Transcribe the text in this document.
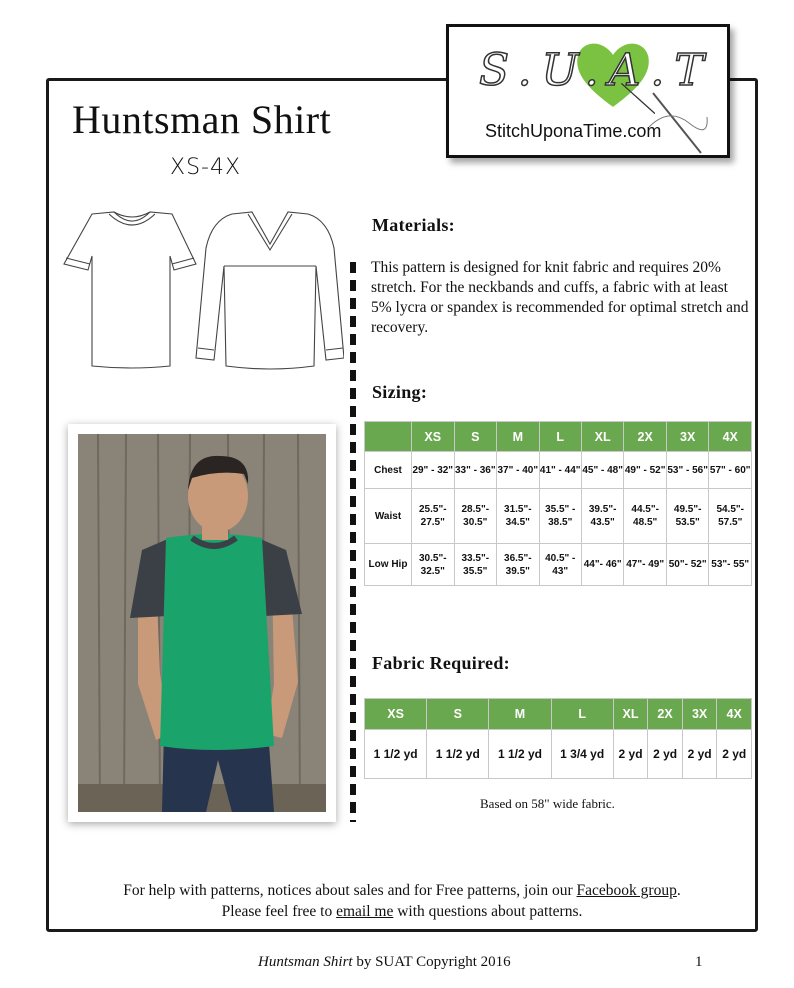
S.U.A.T
StitchUponaTime.com
Huntsman Shirt
XS-4X
Materials:
This pattern is designed for knit fabric and requires 20% stretch. For the neckbands and cuffs, a fabric with at least 5% lycra or spandex is recommended for optimal stretch and recovery.
Sizing:
	XS	S	M	L	XL	2X	3X	4X
Chest	29" - 32"	33" - 36"	37" - 40"	41" - 44"	45" - 48"	49" - 52"	53" - 56"	57" - 60"
Waist	25.5"- 27.5"	28.5"- 30.5"	31.5"- 34.5"	35.5" - 38.5"	39.5"- 43.5"	44.5"- 48.5"	49.5"- 53.5"	54.5"- 57.5"
Low Hip	30.5"- 32.5"	33.5"- 35.5"	36.5"- 39.5"	40.5" - 43"	44"- 46"	47"- 49"	50"- 52"	53"- 55"
Fabric Required:
XS	S	M	L	XL	2X	3X	4X
1 1/2 yd	1 1/2 yd	1 1/2 yd	1 3/4 yd	2 yd	2 yd	2 yd	2 yd
Based on 58" wide fabric.
For help with patterns, notices about sales and for Free patterns, join our Facebook group.
Please feel free to email me with questions about patterns.
Huntsman Shirt by SUAT Copyright 2016	1
